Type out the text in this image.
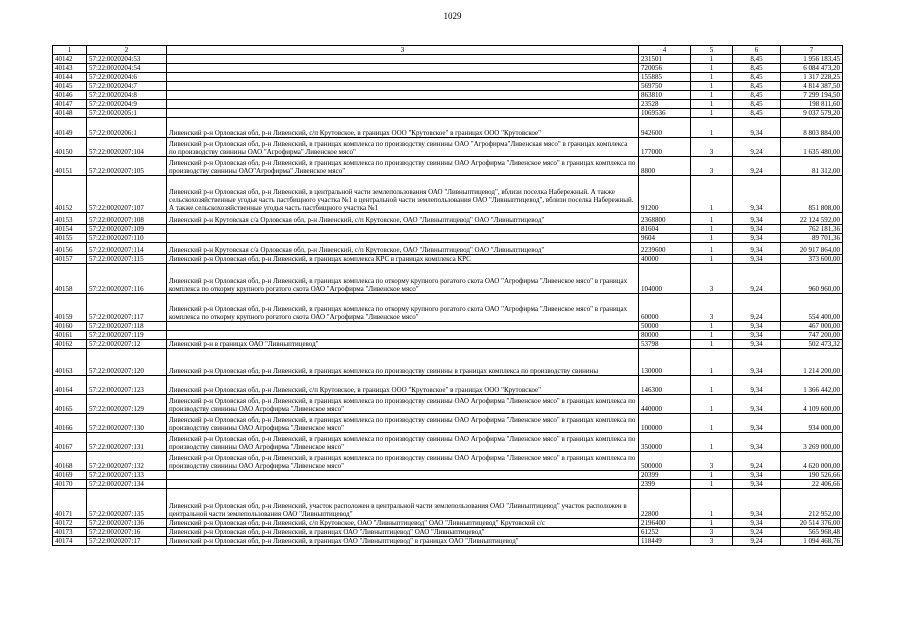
1029
1	2	3	4	5	6	7
40142	57:22:0020204:53		231501	1	8,45	1 956 183,45
40143	57:22:0020204:54		720056	1	8,45	6 084 473,20
40144	57:22:0020204:6		155885	1	8,45	1 317 228,25
40145	57:22:0020204:7		569750	1	8,45	4 814 387,50
40146	57:22:0020204:8		863810	1	8,45	7 299 194,50
40147	57:22:0020204:9		23528	1	8,45	198 811,60
40148	57:22:0020205:1		1069536	1	8,45	9 037 579,20
40149	57:22:0020206:1	Ливенский р-н Орловская обл, р-н Ливенский, с/п Крутовское, в границах ООО "Крутовское" в границах ООО "Крутовское"	942600	1	9,34	8 803 884,00
40150	57:22:0020207:104	Ливенский р-н Орловская обл, р-н Ливенский, в границах комплекса по производству свинины ОАО "Агрофирма"Ливенская мясо" в границах комплекса по производству свинины ОАО "Агрофирма" Ливенское мясо"	177000	3	9,24	1 635 480,00
40151	57:22:0020207:105	Ливенский р-н Орловская обл, р-н Ливенский, в границах комплекса по производству свинины ОАО Агрофирма "Ливенское мясо" в границах комплекса по производству свинины ОАО"Агрофирма" Ливенское мясо"	8800	3	9,24	81 312,00
40152	57:22:0020207:107	Ливенский р-н Орловская обл, р-н Ливенский, в центральной части землепользования ОАО "Ливныптицевод", вблизи поселка Набережный. А также сельскохозяйственные угодья часть пастбищного участка №1 в центральной части землепользования ОАО "Ливныптицевод", вблизи поселка Набережный. А также сельскохозяйственные угодья часть пастбищного участка №1	91200	1	9,34	851 808,00
40153	57:22:0020207:108	Ливенский р-н Крутовская с/а Орловская обл, р-н Ливенский, с/п Крутовское, ОАО "Ливныптицевод" ОАО "Ливныптицевод"	2368800	1	9,34	22 124 592,00
40154	57:22:0020207:109		81604	1	9,34	762 181,36
40155	57:22:0020207:110		9604	1	9,34	89 701,36
40156	57:22:0020207:114	Ливенский р-н Крутовская с/а Орловская обл, р-н Ливенский, с/п Крутовское, ОАО "Ливныптицевод" ОАО "Ливныптицевод"	2239600	1	9,34	20 917 864,00
40157	57:22:0020207:115	Ливенский р-н Орловская обл, р-н Ливенский, в границах комплекса КРС в границах комплекса КРС	40000	1	9,34	373 600,00
40158	57:22:0020207:116	Ливенский р-н Орловская обл, р-н Ливенский, в границах комплекса по откорму крупного рогатого скота ОАО "Агрофирма "Ливенское мясо" в границах комплекса по откорму крупного рогатого скота ОАО "Агрофирма "Ливенское мясо"	104000	3	9,24	960 960,00
40159	57:22:0020207:117	Ливенский р-н Орловская обл, р-н Ливенский, в границах комплекса по откорму крупного рогатого скота ОАО "Агрофирма "Ливенское мясо" в границах комплекса по откорму крупного рогатого скота ОАО "Агрофирма "Ливенское мясо"	60000	3	9,24	554 400,00
40160	57:22:0020207:118		50000	1	9,34	467 000,00
40161	57:22:0020207:119		80000	1	9,34	747 200,00
40162	57:22:0020207:12	Ливенский р-н в границах ОАО "Ливныптицевод"	53798	1	9,34	502 473,32
40163	57:22:0020207:120	Ливенский р-н Орловская обл, р-н Ливенский, в границах комплекса по производству свинины в границах комплекса по производству свинины	130000	1	9,34	1 214 200,00
40164	57:22:0020207:123	Ливенский р-н Орловская обл, р-н Ливенский, с/п Крутовское, в границах ООО "Крутовское" в границах ООО "Крутовское"	146300	1	9,34	1 366 442,00
40165	57:22:0020207:129	Ливенский р-н Орловская обл, р-н Ливенский, в границах комплекса по производству свинины ОАО Агрофирма "Ливенское мясо" в границах комплекса по производству свинины ОАО Агрофирма "Ливенское мясо"	440000	1	9,34	4 109 600,00
40166	57:22:0020207:130	Ливенский р-н Орловская обл, р-н Ливенский, в границах комплекса по производству свинины ОАО Агрофирма "Ливенское мясо" в границах комплекса по производству свинины ОАО Агрофирма "Ливенское мясо"	100000	1	9,34	934 000,00
40167	57:22:0020207:131	Ливенский р-н Орловская обл, р-н Ливенский, в границах комплекса по производству свинины ОАО Агрофирма "Ливенское мясо" в границах комплекса по производству свинины ОАО Агрофирма "Ливенское мясо"	350000	1	9,34	3 269 000,00
40168	57:22:0020207:132	Ливенский р-н Орловская обл, р-н Ливенский, в границах комплекса по производству свинины ОАО Агрофирма "Ливенское мясо" в границах комплекса по производству свинины ОАО Агрофирма "Ливенское мясо"	500000	3	9,24	4 620 000,00
40169	57:22:0020207:133		20399	1	9,34	190 526,66
40170	57:22:0020207:134		2399	1	9,34	22 406,66
40171	57:22:0020207:135	Ливенский р-н Орловская обл, р-н Ливенский, участок расположен в центральной части землепользования ОАО "Ливныптицевод" участок расположен в центральной части землепользования ОАО "Ливныптицевод"	22800	1	9,34	212 952,00
40172	57:22:0020207:136	Ливенский р-н Орловская обл, р-н Ливенский, с/п Крутовское, ОАО "Ливныптицевод" ОАО "Ливныптицевод" Крутовской с/с	2196400	1	9,34	20 514 376,00
40173	57:22:0020207:16	Ливенский р-н Орловская обл, р-н Ливенский, в границах ОАО "Ливныптицевод" ОАО "Ливныптицевод"	61252	3	9,24	565 968,48
40174	57:22:0020207:17	Ливенский р-н Орловская обл, р-н Ливенский, в границах ОАО "Ливныптицевод" в границах ОАО "Ливныптицевод"	118449	3	9,24	1 094 468,76
